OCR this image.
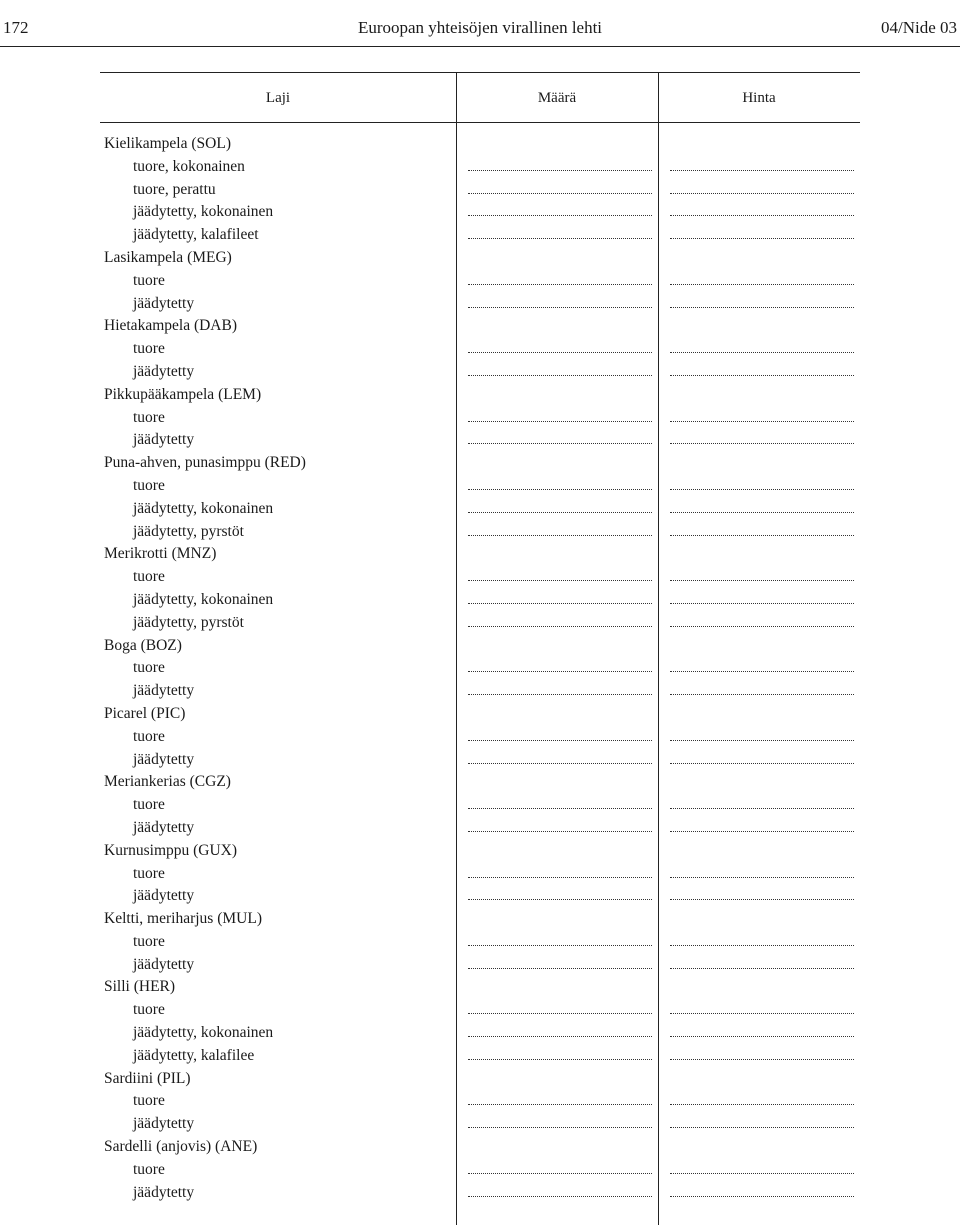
172	Euroopan yhteisöjen virallinen lehti	04/Nide 03
Laji	Määrä	Hinta
Kielikampela (SOL)
tuore, kokonainen
tuore, perattu
jäädytetty, kokonainen
jäädytetty, kalafileet
Lasikampela (MEG)
tuore
jäädytetty
Hietakampela (DAB)
tuore
jäädytetty
Pikkupääkampela (LEM)
tuore
jäädytetty
Puna-ahven, punasimppu (RED)
tuore
jäädytetty, kokonainen
jäädytetty, pyrstöt
Merikrotti (MNZ)
tuore
jäädytetty, kokonainen
jäädytetty, pyrstöt
Boga (BOZ)
tuore
jäädytetty
Picarel (PIC)
tuore
jäädytetty
Meriankerias (CGZ)
tuore
jäädytetty
Kurnusimppu (GUX)
tuore
jäädytetty
Keltti, meriharjus (MUL)
tuore
jäädytetty
Silli (HER)
tuore
jäädytetty, kokonainen
jäädytetty, kalafilee
Sardiini (PIL)
tuore
jäädytetty
Sardelli (anjovis) (ANE)
tuore
jäädytetty
